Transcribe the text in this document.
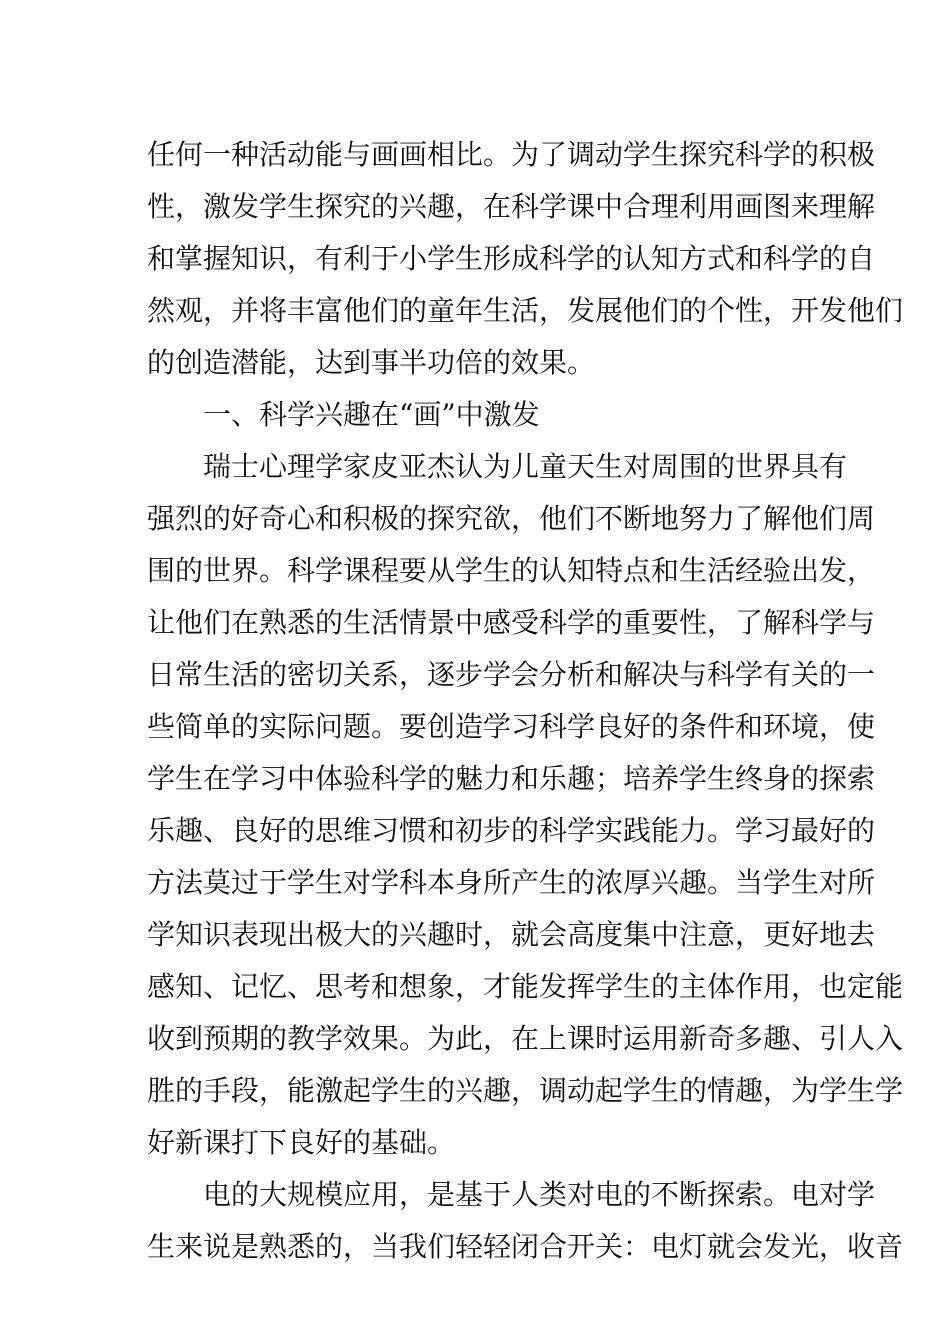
任何一种活动能与画画相比。为了调动学生探究科学的积极
性，激发学生探究的兴趣，在科学课中合理利用画图来理解
和掌握知识，有利于小学生形成科学的认知方式和科学的自
然观，并将丰富他们的童年生活，发展他们的个性，开发他们
的创造潜能，达到事半功倍的效果。
一、科学兴趣在“画”中激发
瑞士心理学家皮亚杰认为儿童天生对周围的世界具有
强烈的好奇心和积极的探究欲，他们不断地努力了解他们周
围的世界。科学课程要从学生的认知特点和生活经验出发，
让他们在熟悉的生活情景中感受科学的重要性，了解科学与
日常生活的密切关系，逐步学会分析和解决与科学有关的一
些简单的实际问题。要创造学习科学良好的条件和环境，使
学生在学习中体验科学的魅力和乐趣；培养学生终身的探索
乐趣、良好的思维习惯和初步的科学实践能力。学习最好的
方法莫过于学生对学科本身所产生的浓厚兴趣。当学生对所
学知识表现出极大的兴趣时，就会高度集中注意，更好地去
感知、记忆、思考和想象，才能发挥学生的主体作用，也定能
收到预期的教学效果。为此，在上课时运用新奇多趣、引人入
胜的手段，能激起学生的兴趣，调动起学生的情趣，为学生学
好新课打下良好的基础。
电的大规模应用，是基于人类对电的不断探索。电对学
生来说是熟悉的，当我们轻轻闭合开关：电灯就会发光，收音
